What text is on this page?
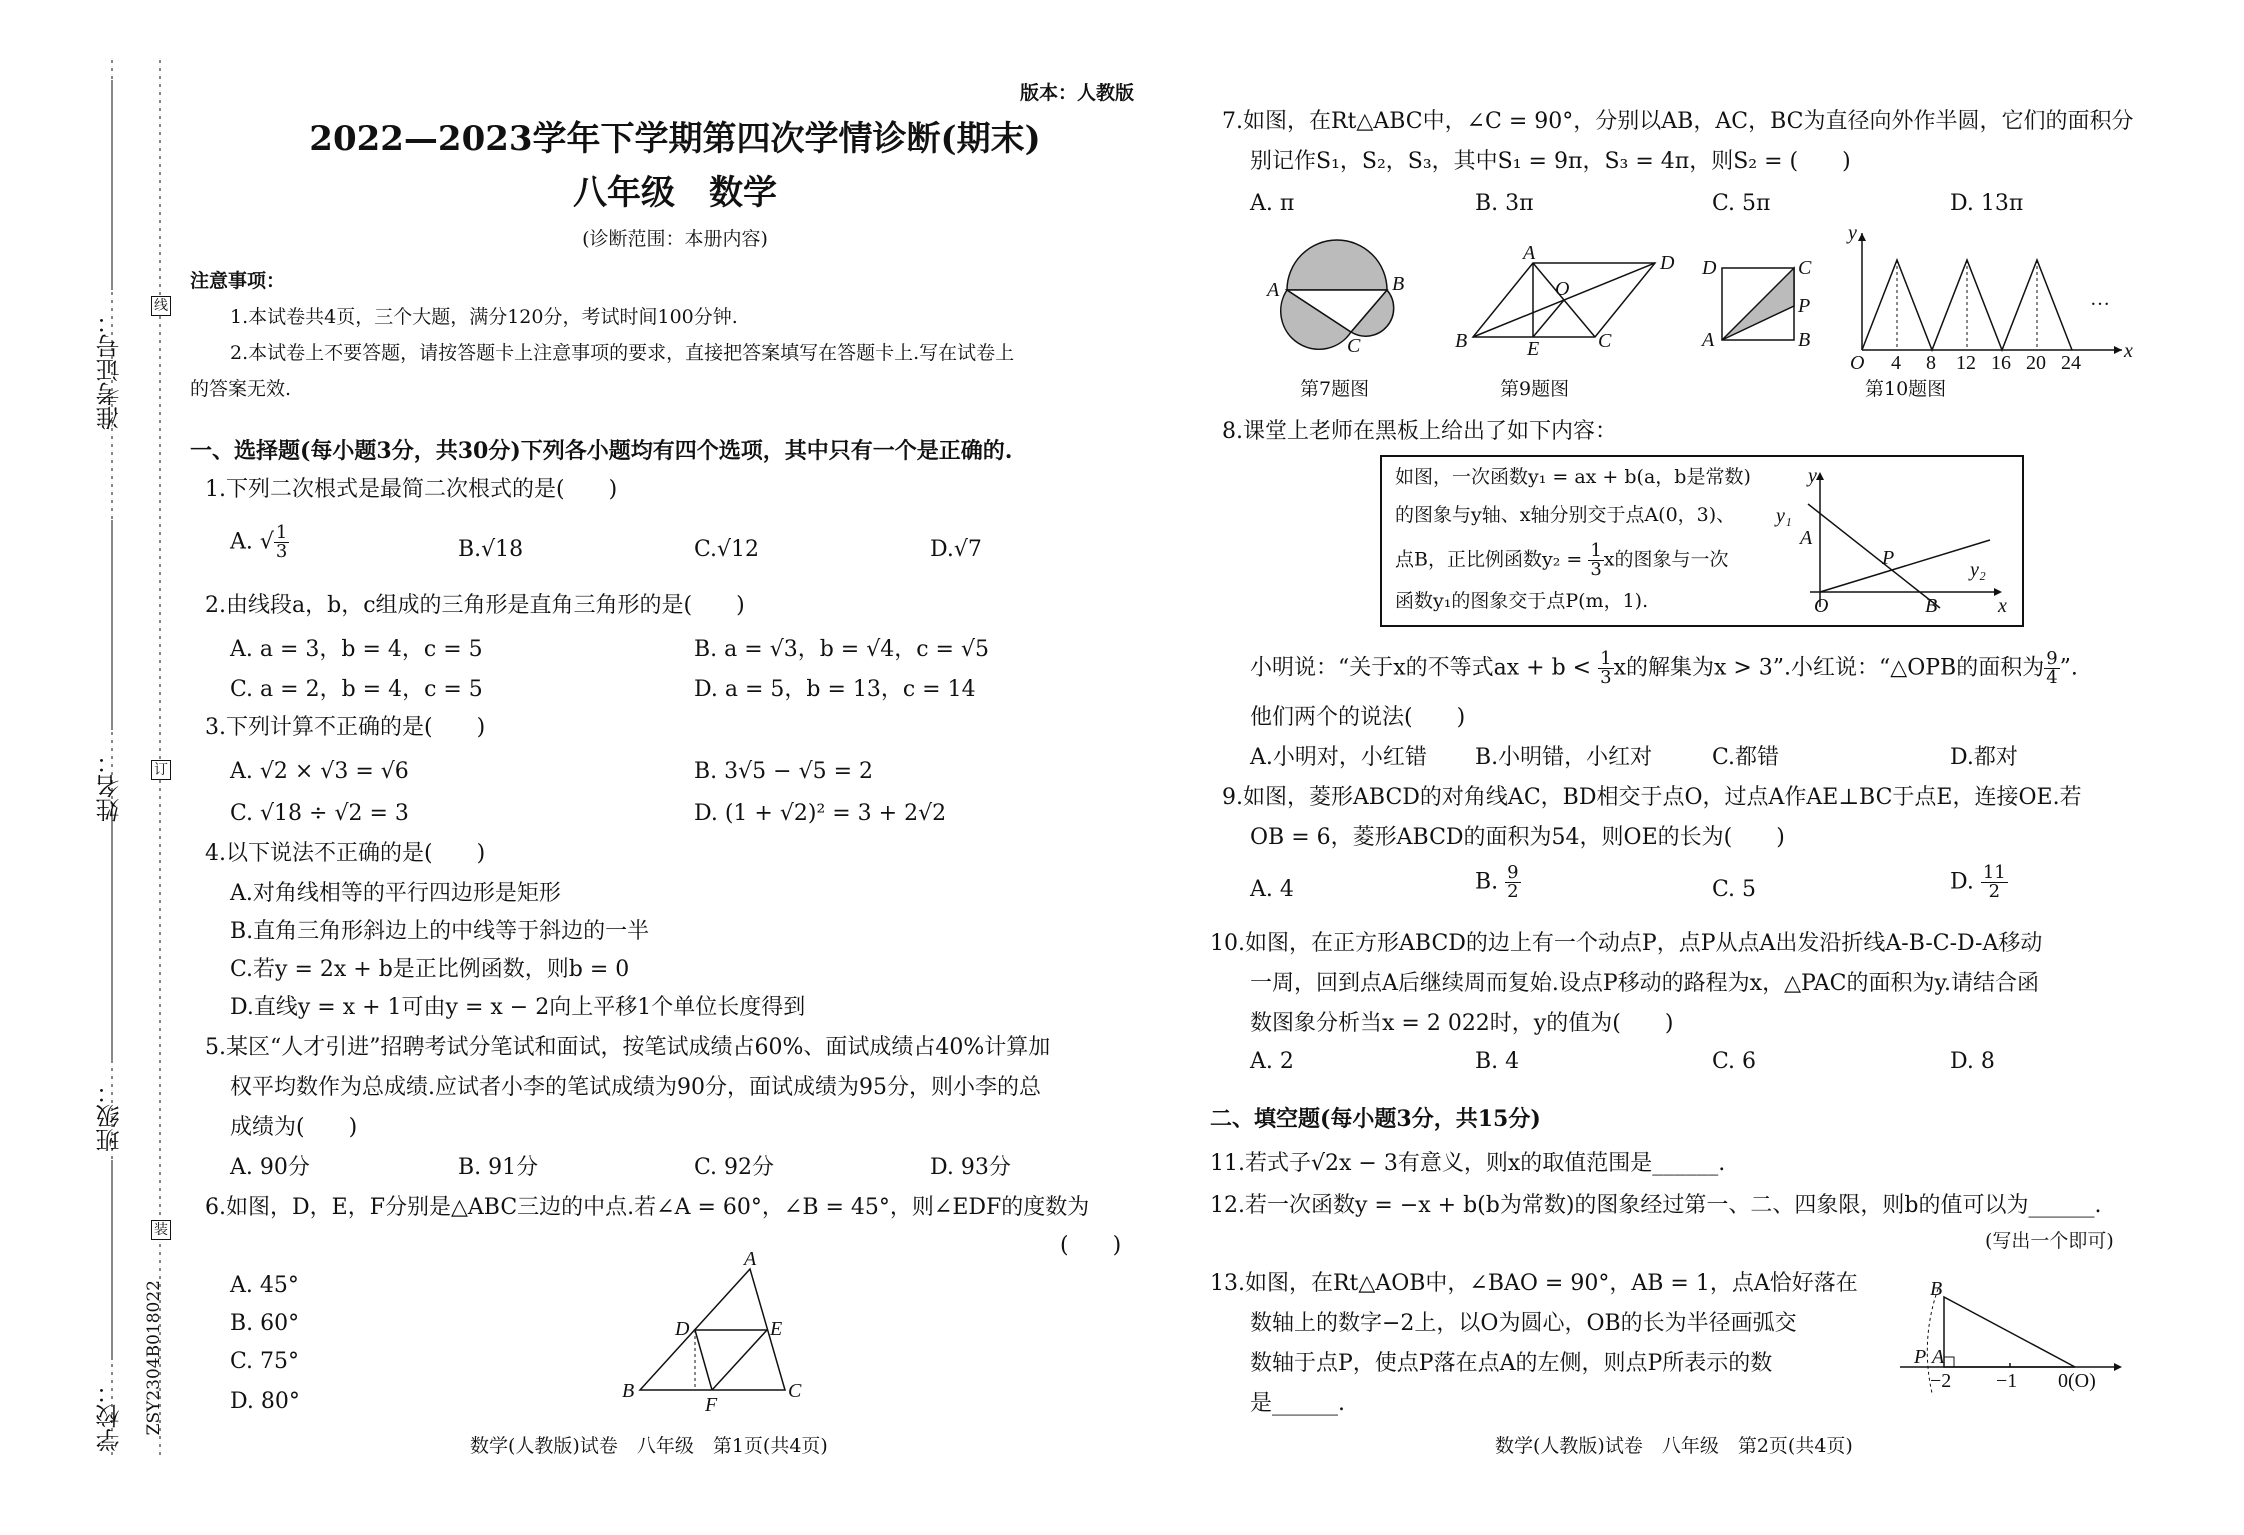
准考证号：
姓名：
班级：
学校： ZSY2304B018022
线
订
装
版本：人教版
2022—2023学年下学期第四次学情诊断(期末)
八年级　数学
(诊断范围：本册内容)
注意事项：
1.本试卷共4页，三个大题，满分120分，考试时间100分钟.
2.本试卷上不要答题，请按答题卡上注意事项的要求，直接把答案填写在答题卡上.写在试卷上
的答案无效.
一、选择题(每小题3分，共30分)下列各小题均有四个选项，其中只有一个是正确的.
1.下列二次根式是最简二次根式的是(　　)
A. √ $\frac{1}{3}$	B.√18	C.√12	D.√7
2.由线段a，b，c组成的三角形是直角三角形的是(　　)
A. a = 3，b = 4，c = 5	B. a = √3，b = √4，c = √5
C. a = 2，b = 4，c = 5	D. a = 5，b = 13，c = 14
3.下列计算不正确的是(　　)
A. √2 × √3 = √6	B. 3√5 − √5 = 2
C. √18 ÷ √2 = 3	D. (1 + √2)² = 3 + 2√2
4.以下说法不正确的是(　　)
A.对角线相等的平行四边形是矩形
B.直角三角形斜边上的中线等于斜边的一半
C.若y = 2x + b是正比例函数，则b = 0
D.直线y = x + 1可由y = x − 2向上平移1个单位长度得到
5.某区“人才引进”招聘考试分笔试和面试，按笔试成绩占60%、面试成绩占40%计算加
权平均数作为总成绩.应试者小李的笔试成绩为90分，面试成绩为95分，则小李的总
成绩为(　　)
A. 90分	B. 91分	C. 92分	D. 93分
6.如图，D，E，F分别是△ABC三边的中点.若∠A = 60°，∠B = 45°，则∠EDF的度数为
(　　)
A. 45°
B. 60°
C. 75°
D. 80°
A
B	C
D	E
F
数学(人教版)试卷　八年级　第1页(共4页)
7.如图，在Rt△ABC中，∠C = 90°，分别以AB，AC，BC为直径向外作半圆，它们的面积分
别记作S₁，S₂，S₃，其中S₁ = 9π，S₃ = 4π，则S₂ = (　　)
A. π	B. 3π	C. 5π	D. 13π
A	B
C
第7题图
A	D
B	C
E
O
第9题图
D	C
P
A	B
y
x
O 4 8 12 16 20 24
…
第10题图
8.课堂上老师在黑板上给出了如下内容：
如图，一次函数y₁ = ax + b(a，b是常数)
的图象与y轴、x轴分别交于点A(0，3)、
点B，正比例函数$y_2 = \frac{1}{3}$ x的图象与一次
函数y₁的图象交于点P(m，1).
y
y₁
y₂
A
P
B
O	x
小明说：“关于x的不等式ax + $b < \frac{1}{3}$ x的解集为x > 3”.小红说：“△OPB的面积为 $\frac{9}{4}$ ”.
他们两个的说法(　　)
A.小明对，小红错 B.小明错，小红对	C.都错	D.都对
9.如图，菱形ABCD的对角线AC，BD相交于点O，过点A作AE⊥BC于点E，连接OE.若
OB = 6，菱形ABCD的面积为54，则OE的长为(　　)
A. 4	B. $\frac{9}{2}$	C. 5	D. $\frac{11}{2}$
10.如图，在正方形ABCD的边上有一个动点P，点P从点A出发沿折线A-B-C-D-A移动
一周，回到点A后继续周而复始.设点P移动的路程为x，△PAC的面积为y.请结合函
数图象分析当x = 2 022时，y的值为(　　)
A. 2	B. 4	C. 6	D. 8
二、填空题(每小题3分，共15分)
11.若式子√2x − 3有意义，则x的取值范围是______.
12.若一次函数y = −x + b(b为常数)的图象经过第一、二、四象限，则b的值可以为______.
(写出一个即可)
13.如图，在Rt△AOB中，∠BAO = 90°，AB = 1，点A恰好落在
数轴上的数字−2上，以O为圆心，OB的长为半径画弧交
数轴于点P，使点P落在点A的左侧，则点P所表示的数
是______.
B
P A
−2 −1 0(O)
数学(人教版)试卷　八年级　第2页(共4页)
